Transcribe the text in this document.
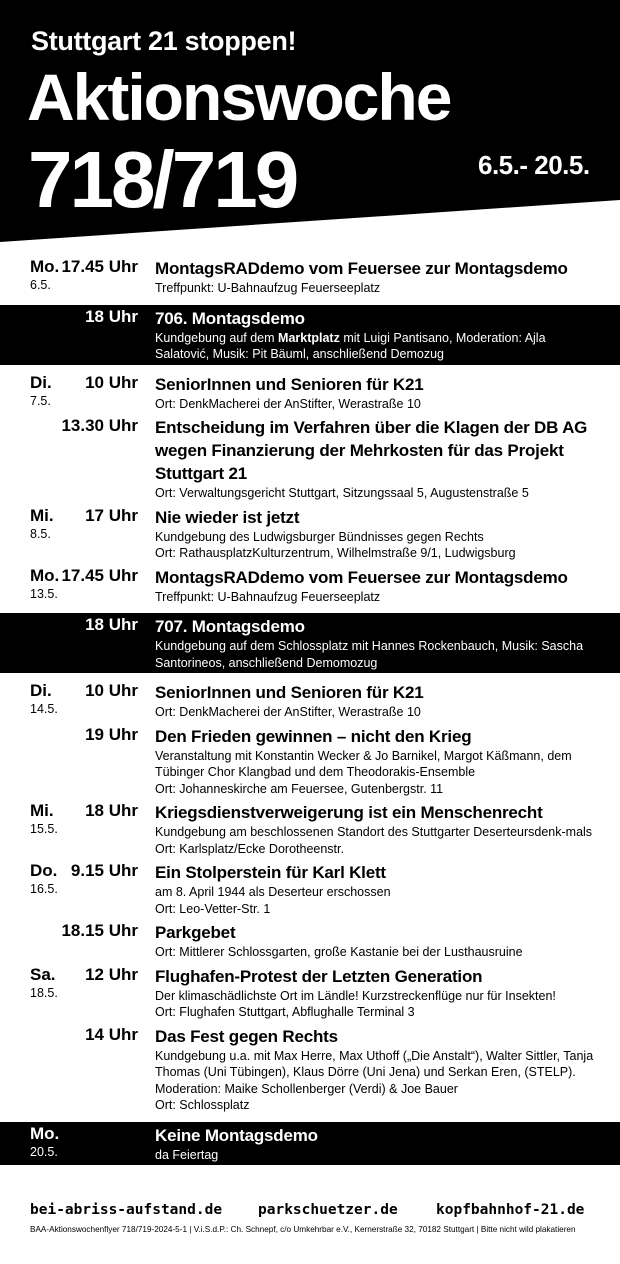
Stuttgart 21 stoppen!
Aktionswoche
718/719	6.5.- 20.5.
Mo.
6.5.
17.45 Uhr MontagsRADdemo vom Feuersee zur Montagsdemo
Treffpunkt: U-Bahnaufzug Feuerseeplatz
18 Uhr 706. Montagsdemo
Kundgebung auf dem Marktplatz mit Luigi Pantisano, Moderation: Ajla Salatović, Musik: Pit Bäuml, anschließend Demozug
Di.
7.5.
10 Uhr SeniorInnen und Senioren für K21
Ort: DenkMacherei der AnStifter, Werastraße 10
13.30 Uhr Entscheidung im Verfahren über die Klagen der DB AG wegen Finanzierung der Mehrkosten für das Projekt Stuttgart 21
Ort: Verwaltungsgericht Stuttgart, Sitzungssaal 5, Augustenstraße 5
Mi.
8.5.
17 Uhr Nie wieder ist jetzt
Kundgebung des Ludwigsburger Bündnisses gegen Rechts
Ort: RathausplatzKulturzentrum, Wilhelmstraße 9/1, Ludwigsburg
Mo.
13.5.
17.45 Uhr MontagsRADdemo vom Feuersee zur Montagsdemo
Treffpunkt: U-Bahnaufzug Feuerseeplatz
18 Uhr 707. Montagsdemo
Kundgebung auf dem Schlossplatz mit Hannes Rockenbauch, Musik: Sascha Santorineos, anschließend Demomozug
Di.
14.5.
10 Uhr SeniorInnen und Senioren für K21
Ort: DenkMacherei der AnStifter, Werastraße 10
19 Uhr Den Frieden gewinnen – nicht den Krieg
Veranstaltung mit Konstantin Wecker & Jo Barnikel, Margot Käßmann, dem Tübinger Chor Klangbad und dem Theodorakis-Ensemble
Ort: Johanneskirche am Feuersee, Gutenbergstr. 11
Mi.
15.5.
18 Uhr Kriegsdienstverweigerung ist ein Menschenrecht
Kundgebung am beschlossenen Standort des Stuttgarter Deserteursdenk-mals
Ort: Karlsplatz/Ecke Dorotheenstr.
Do.
16.5.
9.15 Uhr Ein Stolperstein für Karl Klett
am 8. April 1944 als Deserteur erschossen
Ort: Leo-Vetter-Str. 1
18.15 Uhr Parkgebet
Ort: Mittlerer Schlossgarten, große Kastanie bei der Lusthausruine
Sa.
18.5.
12 Uhr Flughafen-Protest der Letzten Generation
Der klimaschädlichste Ort im Ländle! Kurzstreckenflüge nur für Insekten!
Ort: Flughafen Stuttgart, Abflughalle Terminal 3
14 Uhr Das Fest gegen Rechts
Kundgebung u.a. mit Max Herre, Max Uthoff („Die Anstalt“), Walter Sittler, Tanja Thomas (Uni Tübingen), Klaus Dörre (Uni Jena) und Serkan Eren, (STELP). Moderation: Maike Schollenberger (Verdi) & Joe Bauer
Ort: Schlossplatz
Mo.
20.5.
Keine Montagsdemo
da Feiertag
bei-abriss-aufstand.de parkschuetzer.de	kopfbahnhof-21.de
BAA-Aktionswochenflyer 718/719-2024-5-1 | V.i.S.d.P.: Ch. Schnepf, c/o Umkehrbar e.V., Kernerstraße 32, 70182 Stuttgart | Bitte nicht wild plakatieren
